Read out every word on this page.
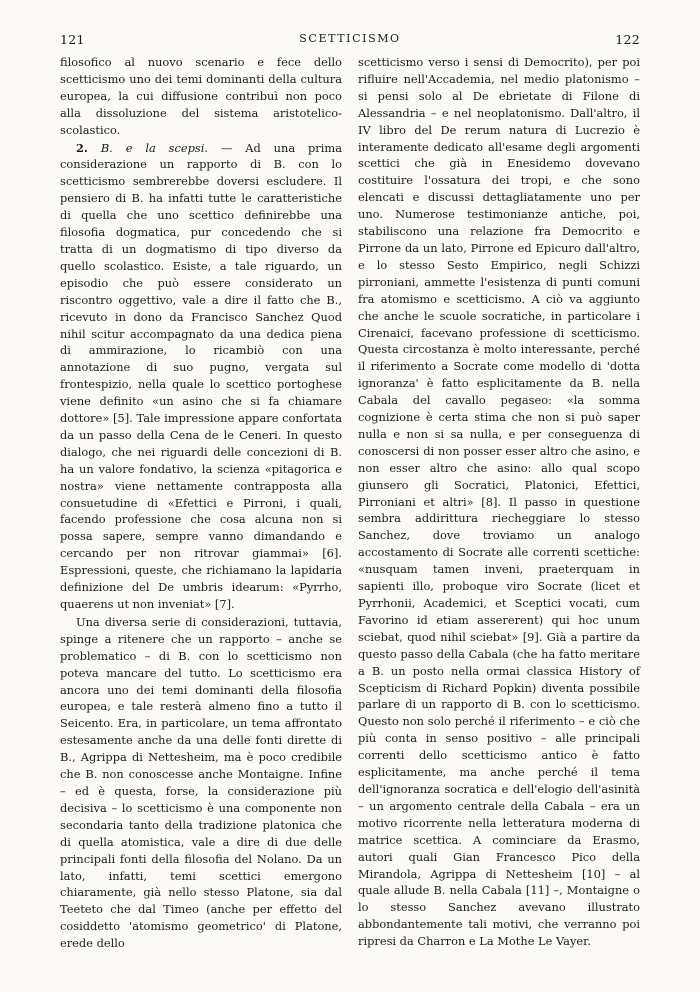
121	SCETTICISMO	122

filosofico al nuovo scenario e fece dello scetticismo uno dei temi dominanti della cultura europea, la cui diffusione contribuì non poco alla dissoluzione del sistema aristotelico-scolastico.

2. B. e la scepsi. — Ad una prima considerazione un rapporto di B. con lo scetticismo sembrerebbe doversi escludere. Il pensiero di B. ha infatti tutte le caratteristiche di quella che uno scettico definirebbe una filosofia dogmatica, pur concedendo che si tratta di un dogmatismo di tipo diverso da quello scolastico. Esiste, a tale riguardo, un episodio che può essere considerato un riscontro oggettivo, vale a dire il fatto che B., ricevuto in dono da Francisco Sanchez Quod nihil scitur accompagnato da una dedica piena di ammirazione, lo ricambiò con una annotazione di suo pugno, vergata sul frontespizio, nella quale lo scettico portoghese viene definito «un asino che si fa chiamare dottore» [5]. Tale impressione appare confortata da un passo della Cena de le Ceneri. In questo dialogo, che nei riguardi delle concezioni di B. ha un valore fondativo, la scienza «pitagorica e nostra» viene nettamente contrapposta alla consuetudine di «Efettici e Pirroni, i quali, facendo professione che cosa alcuna non si possa sapere, sempre vanno dimandando e cercando per non ritrovar giammai» [6]. Espressioni, queste, che richiamano la lapidaria definizione del De umbris idearum: «Pyrrho, quaerens ut non inveniat» [7].

Una diversa serie di considerazioni, tuttavia, spinge a ritenere che un rapporto – anche se problematico – di B. con lo scetticismo non poteva mancare del tutto. Lo scetticismo era ancora uno dei temi dominanti della filosofia europea, e tale resterà almeno fino a tutto il Seicento. Era, in particolare, un tema affrontato estesamente anche da una delle fonti dirette di B., Agrippa di Nettesheim, ma è poco credibile che B. non conoscesse anche Montaigne. Infine – ed è questa, forse, la considerazione più decisiva – lo scetticismo è una componente non secondaria tanto della tradizione platonica che di quella atomistica, vale a dire di due delle principali fonti della filosofia del Nolano. Da un lato, infatti, temi scettici emergono chiaramente, già nello stesso Platone, sia dal Teeteto che dal Timeo (anche per effetto del cosiddetto 'atomismo geometrico' di Platone, erede dello

scetticismo verso i sensi di Democrito), per poi rifluire nell'Accademia, nel medio platonismo – si pensi solo al De ebrietate di Filone di Alessandria – e nel neoplatonismo. Dall'altro, il IV libro del De rerum natura di Lucrezio è interamente dedicato all'esame degli argomenti scettici che già in Enesidemo dovevano costituire l'ossatura dei tropi, e che sono elencati e discussi dettagliatamente uno per uno. Numerose testimonianze antiche, poi, stabiliscono una relazione fra Democrito e Pirrone da un lato, Pirrone ed Epicuro dall'altro, e lo stesso Sesto Empirico, negli Schizzi pirroniani, ammette l'esistenza di punti comuni fra atomismo e scetticismo. A ciò va aggiunto che anche le scuole socratiche, in particolare i Cirenaici, facevano professione di scetticismo. Questa circostanza è molto interessante, perché il riferimento a Socrate come modello di 'dotta ignoranza' è fatto esplicitamente da B. nella Cabala del cavallo pegaseo: «la somma cognizione è certa stima che non si può saper nulla e non si sa nulla, e per conseguenza di conoscersi di non posser esser altro che asino, e non esser altro che asino: allo qual scopo giunsero gli Socratici, Platonici, Efettici, Pirroniani et altri» [8]. Il passo in questione sembra addirittura riecheggiare lo stesso Sanchez, dove troviamo un analogo accostamento di Socrate alle correnti scettiche: «nusquam tamen inveni, praeterquam in sapienti illo, proboque viro Socrate (licet et Pyrrhonii, Academici, et Sceptici vocati, cum Favorino id etiam assererent) qui hoc unum sciebat, quod nihil sciebat» [9]. Già a partire da questo passo della Cabala (che ha fatto meritare a B. un posto nella ormai classica History of Scepticism di Richard Popkin) diventa possibile parlare di un rapporto di B. con lo scetticismo. Questo non solo perché il riferimento – e ciò che più conta in senso positivo – alle principali correnti dello scetticismo antico è fatto esplicitamente, ma anche perché il tema dell'ignoranza socratica e dell'elogio dell'asinità – un argomento centrale della Cabala – era un motivo ricorrente nella letteratura moderna di matrice scettica. A cominciare da Erasmo, autori quali Gian Francesco Pico della Mirandola, Agrippa di Nettesheim [10] – al quale allude B. nella Cabala [11] –, Montaigne o lo stesso Sanchez avevano illustrato abbondantemente tali motivi, che verranno poi ripresi da Charron e La Mothe Le Vayer.
